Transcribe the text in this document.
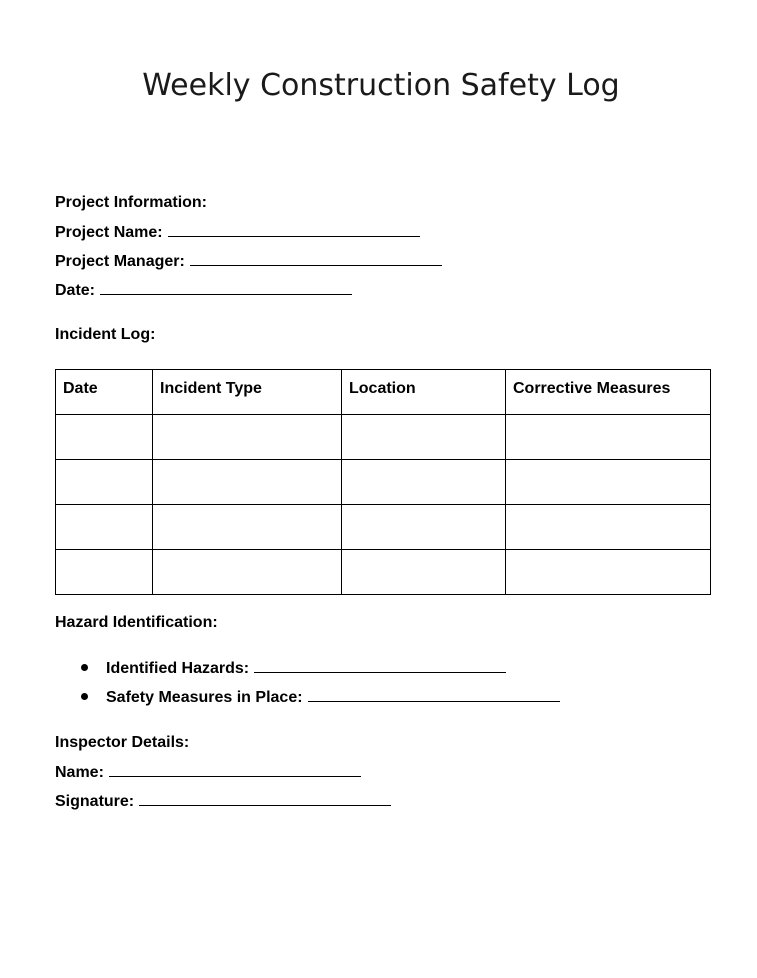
Weekly Construction Safety Log
Project Information:
Project Name:
Project Manager:
Date:
Incident Log:
Date	Incident Type	Location	Corrective Measures

Hazard Identification:
Identified Hazards:
Safety Measures in Place:
Inspector Details:
Name:
Signature:
